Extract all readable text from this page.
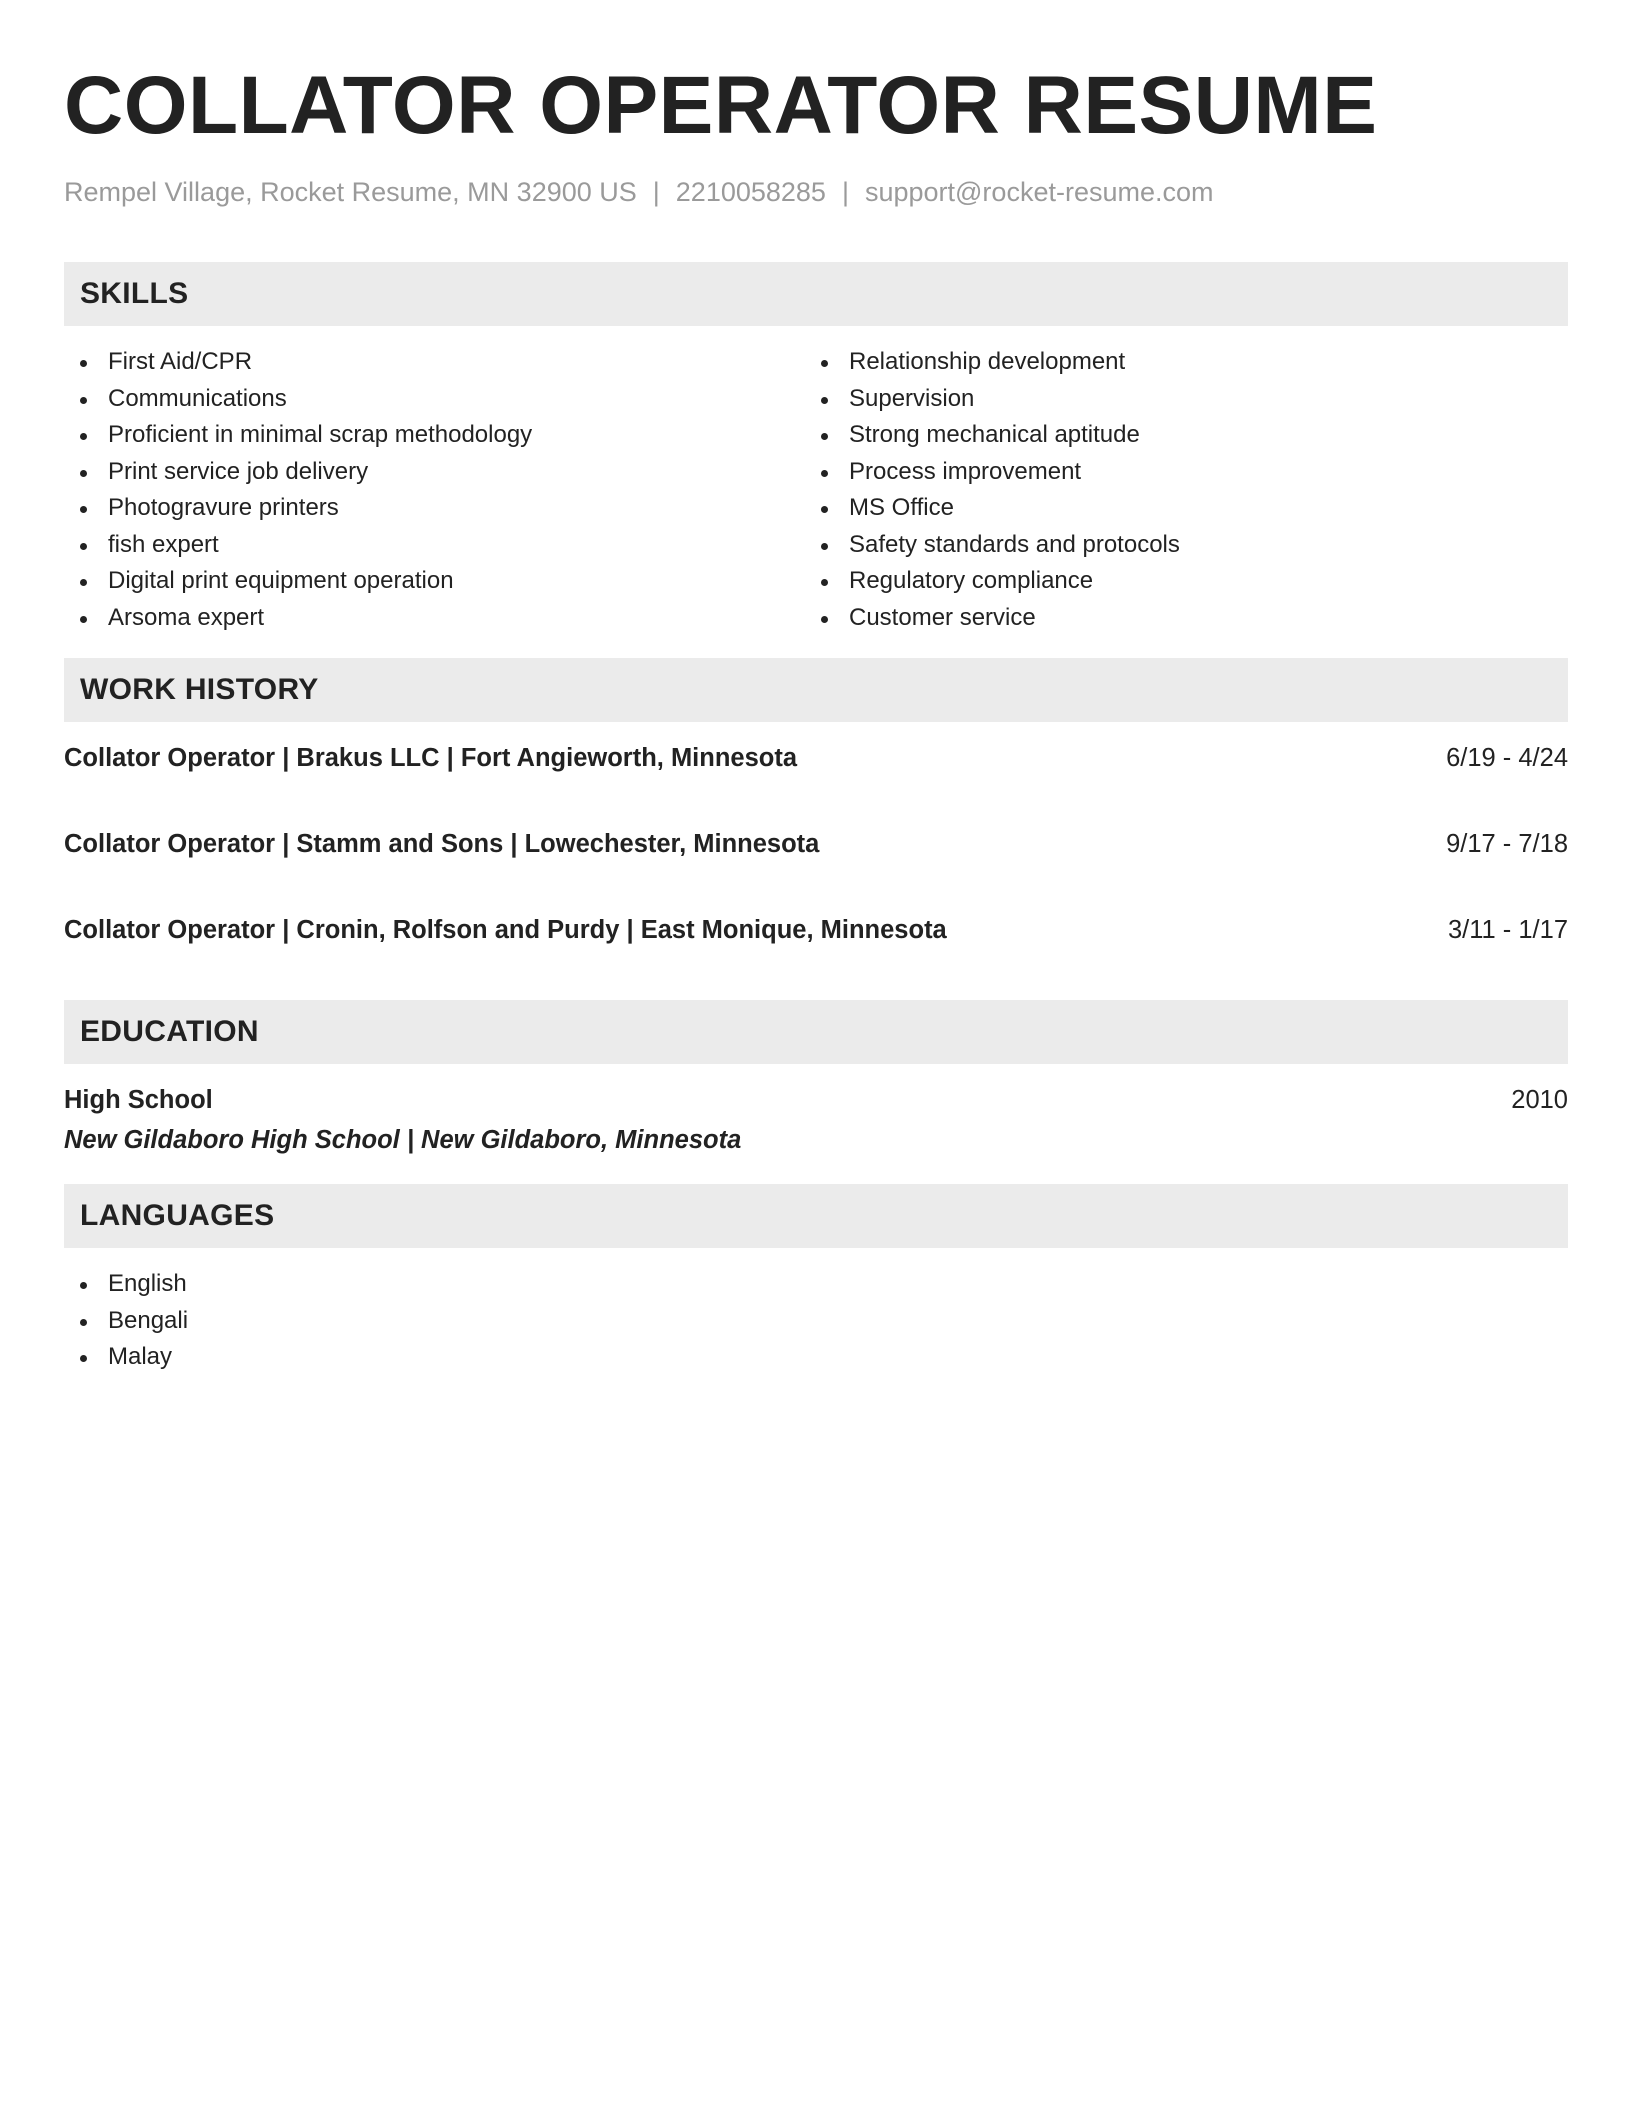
COLLATOR OPERATOR RESUME
Rempel Village, Rocket Resume, MN 32900 US | 2210058285 | support@rocket-resume.com
SKILLS
First Aid/CPR
Communications
Proficient in minimal scrap methodology
Print service job delivery
Photogravure printers
fish expert
Digital print equipment operation
Arsoma expert
Relationship development
Supervision
Strong mechanical aptitude
Process improvement
MS Office
Safety standards and protocols
Regulatory compliance
Customer service
WORK HISTORY
Collator Operator | Brakus LLC | Fort Angieworth, Minnesota	6/19 - 4/24
Collator Operator | Stamm and Sons | Lowechester, Minnesota	9/17 - 7/18
Collator Operator | Cronin, Rolfson and Purdy | East Monique, Minnesota	3/11 - 1/17
EDUCATION
High School	2010
New Gildaboro High School | New Gildaboro, Minnesota
LANGUAGES
English
Bengali
Malay
